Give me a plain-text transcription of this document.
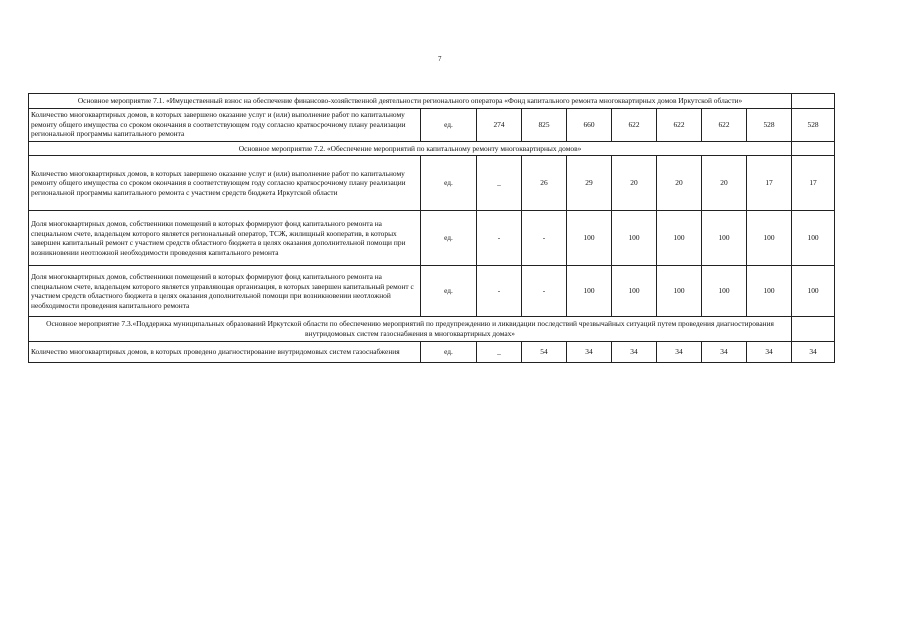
7
Основное мероприятие 7.1. «Имущественный взнос на обеспечение финансово-хозяйственной деятельности регионального оператора «Фонд капитального ремонта многоквартирных домов Иркутской области»									
Количество многоквартирных домов, в которых завершено оказание услуг и (или) выполнение работ по капитальному ремонту общего имущества со сроком окончания в соответствующем году согласно краткосрочному плану реализации региональной программы капитального ремонта	ед.	274	825	660	622	622	622	528	528
Основное мероприятие 7.2. «Обеспечение мероприятий по капитальному ремонту многоквартирных домов»									
Количество многоквартирных домов, в которых завершено оказание услуг и (или) выполнение работ по капитальному ремонту общего имущества со сроком окончания в соответствующем году согласно краткосрочному плану реализации региональной программы капитального ремонта с участием средств бюджета Иркутской области	ед.	_	26	29	20	20	20	17	17
Доля многоквартирных домов, собственники помещений в которых формируют фонд капитального ремонта на специальном счете, владельцем которого является региональный оператор, ТСЖ, жилищный кооператив, в которых завершен капитальный ремонт с участием средств областного бюджета в целях оказания дополнительной помощи при возникновении неотложной необходимости проведения капитального ремонта	ед.	-	-	100	100	100	100	100	100
Доля многоквартирных домов, собственники помещений в которых формируют фонд капитального ремонта на специальном счете, владельцем которого является управляющая организация, в которых завершен капитальный ремонт с участием средств областного бюджета в целях оказания дополнительной помощи при возникновении неотложной необходимости проведения капитального ремонта	ед.	-	-	100	100	100	100	100	100
Основное мероприятие 7.3.«Поддержка муниципальных образований Иркутской области по обеспечению мероприятий по предупреждению и ликвидации последствий чрезвычайных ситуаций путем проведения диагностирования внутридомовых систем газоснабжения в многоквартирных домах»									
Количество многоквартирных домов, в которых проведено диагностирование внутридомовых систем газоснабжения	ед.	_	54	34	34	34	34	34	34
